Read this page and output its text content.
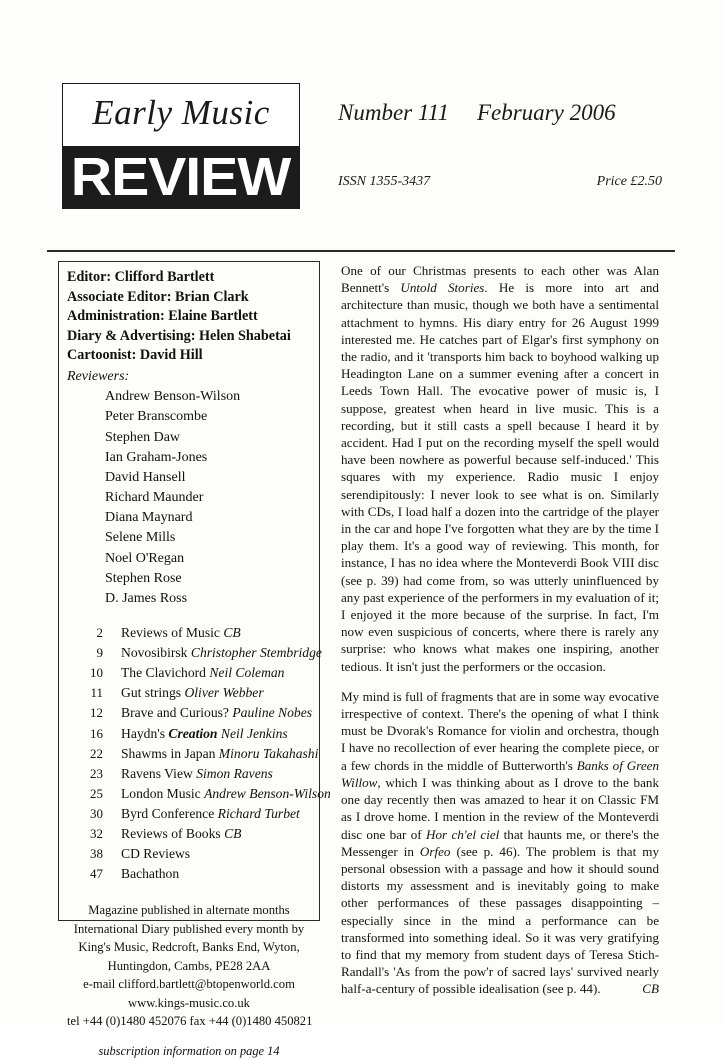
Early Music
REVIEW
Number 111 February 2006
ISSN 1355-3437	Price £2.50
Editor: Clifford Bartlett
Associate Editor: Brian Clark
Administration: Elaine Bartlett
Diary & Advertising: Helen Shabetai
Cartoonist: David Hill
Reviewers:
Andrew Benson-Wilson
Peter Branscombe
Stephen Daw
Ian Graham-Jones
David Hansell
Richard Maunder
Diana Maynard
Selene Mills
Noel O'Regan
Stephen Rose
D. James Ross
2	Reviews of Music CB
9	Novosibirsk Christopher Stembridge
10	The Clavichord Neil Coleman
11	Gut strings Oliver Webber
12	Brave and Curious? Pauline Nobes
16	Haydn's Creation Neil Jenkins
22	Shawms in Japan Minoru Takahashi
23	Ravens View Simon Ravens
25	London Music Andrew Benson-Wilson
30	Byrd Conference Richard Turbet
32	Reviews of Books CB
38	CD Reviews
47	Bachathon
Magazine published in alternate months
International Diary published every month by
King's Music, Redcroft, Banks End, Wyton,
Huntingdon, Cambs, PE28 2AA
e-mail clifford.bartlett@btopenworld.com
www.kings-music.co.uk
tel +44 (0)1480 452076 fax +44 (0)1480 450821
subscription information on page 14

One of our Christmas presents to each other was Alan Bennett's Untold Stories. He is more into art and architecture than music, though we both have a sentimental attachment to hymns. His diary entry for 26 August 1999 interested me. He catches part of Elgar's first symphony on the radio, and it 'transports him back to boyhood walking up Headington Lane on a summer evening after a concert in Leeds Town Hall. The evocative power of music is, I suppose, greatest when heard in live music. This is a recording, but it still casts a spell because I heard it by accident. Had I put on the recording myself the spell would have been nowhere as powerful because self-induced.' This squares with my experience. Radio music I enjoy serendipitously: I never look to see what is on. Similarly with CDs, I load half a dozen into the cartridge of the player in the car and hope I've forgotten what they are by the time I play them. It's a good way of reviewing. This month, for instance, I has no idea where the Monteverdi Book VIII disc (see p. 39) had come from, so was utterly uninfluenced by any past experience of the performers in my evaluation of it; I enjoyed it the more because of the surprise. In fact, I'm now even suspicious of concerts, where there is rarely any surprise: who knows what makes one inspiring, another tedious. It isn't just the performers or the occasion.

My mind is full of fragments that are in some way evocative irrespective of context. There's the opening of what I think must be Dvorak's Romance for violin and orchestra, though I have no recollection of ever hearing the complete piece, or a few chords in the middle of Butterworth's Banks of Green Willow, which I was thinking about as I drove to the bank one day recently then was amazed to hear it on Classic FM as I drove home. I mention in the review of the Monteverdi disc one bar of Hor ch'el ciel that haunts me, or there's the Messenger in Orfeo (see p. 46). The problem is that my personal obsession with a passage and how it should sound distorts my assessment and is inevitably going to make other performances of these passages disappointing – especially since in the mind a performance can be transformed into something ideal. So it was very gratifying to find that my memory from student days of Teresa Stich-Randall's 'As from the pow'r of sacred lays' survived nearly half-a-century of possible idealisation (see p. 44).	CB
